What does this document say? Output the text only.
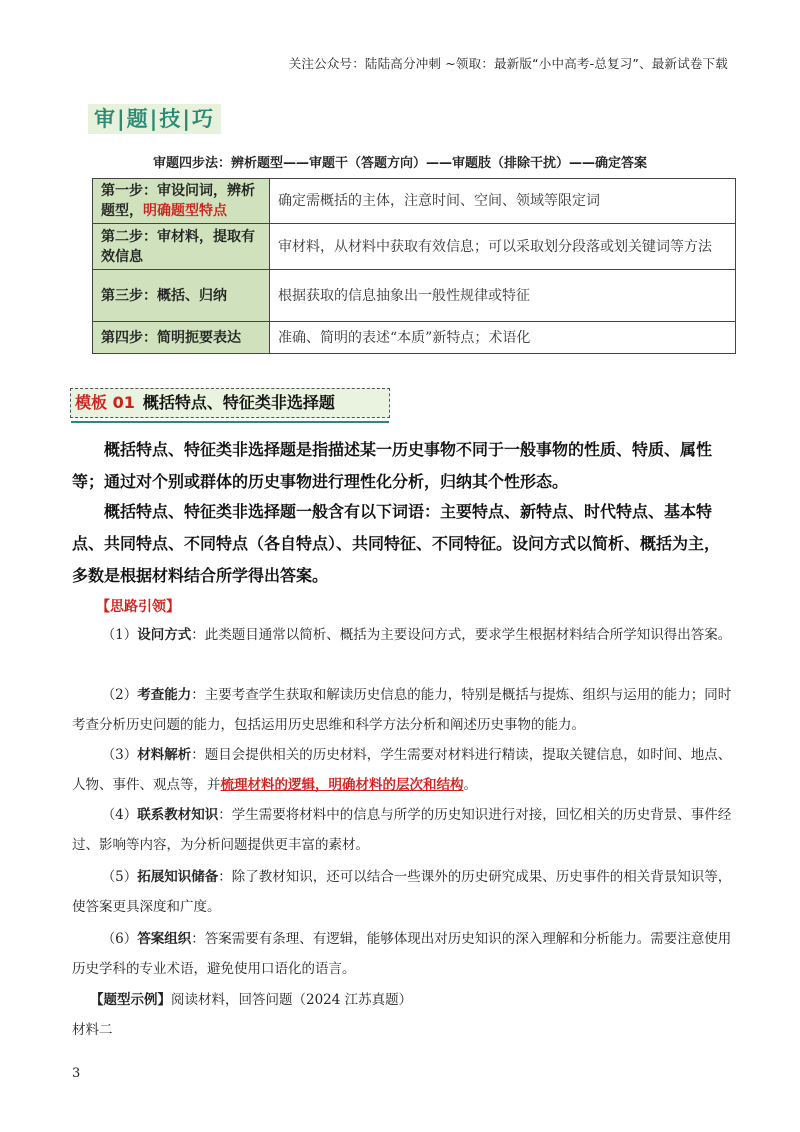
关注公众号：陆陆高分冲刺 ~领取：最新版“小中高考-总复习”、最新试卷下载
审|题|技|巧
审题四步法：辨析题型——审题干（答题方向）——审题肢（排除干扰）——确定答案
第一步：审设问词，辨析题型，明确题型特点	确定需概括的主体，注意时间、空间、领域等限定词
第二步：审材料，提取有效信息	审材料，从材料中获取有效信息；可以采取划分段落或划关键词等方法
第三步：概括、归纳	根据获取的信息抽象出一般性规律或特征
第四步：简明扼要表达	准确、简明的表述“本质”新特点；术语化
模板 01 概括特点、特征类非选择题
概括特点、特征类非选择题是指描述某一历史事物不同于一般事物的性质、特质、属性等；通过对个别或群体的历史事物进行理性化分析，归纳其个性形态。
概括特点、特征类非选择题一般含有以下词语：主要特点、新特点、时代特点、基本特点、共同特点、不同特点（各自特点）、共同特征、不同特征。设问方式以简析、概括为主，多数是根据材料结合所学得出答案。
【思路引领】
（1）设问方式：此类题目通常以简析、概括为主要设问方式，要求学生根据材料结合所学知识得出答案。
（2）考查能力：主要考查学生获取和解读历史信息的能力，特别是概括与提炼、组织与运用的能力；同时考查分析历史问题的能力，包括运用历史思维和科学方法分析和阐述历史事物的能力。
（3）材料解析：题目会提供相关的历史材料，学生需要对材料进行精读，提取关键信息，如时间、地点、人物、事件、观点等，并梳理材料的逻辑，明确材料的层次和结构。
（4）联系教材知识：学生需要将材料中的信息与所学的历史知识进行对接，回忆相关的历史背景、事件经过、影响等内容，为分析问题提供更丰富的素材。
（5）拓展知识储备：除了教材知识，还可以结合一些课外的历史研究成果、历史事件的相关背景知识等，使答案更具深度和广度。
（6）答案组织：答案需要有条理、有逻辑，能够体现出对历史知识的深入理解和分析能力。需要注意使用历史学科的专业术语，避免使用口语化的语言。
【题型示例】阅读材料，回答问题（2024 江苏真题）
材料二
3
